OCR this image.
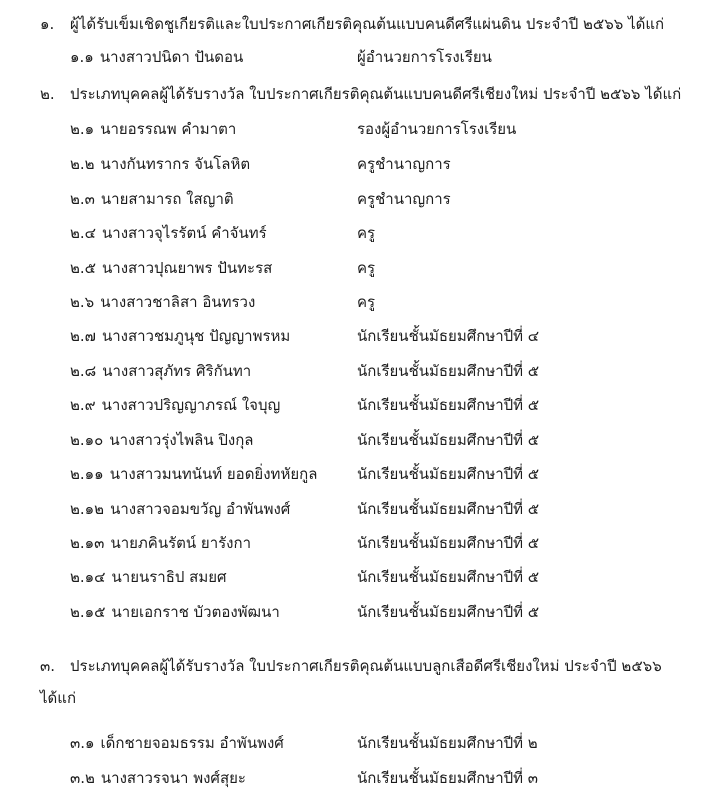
๑. ผู้ได้รับเข็มเชิดชูเกียรติและใบประกาศเกียรติคุณต้นแบบคนดีศรีแผ่นดิน ประจำปี ๒๕๖๖ ได้แก่
๑.๑ นางสาวปนิดา ปันดอน	ผู้อำนวยการโรงเรียน
๒. ประเภทบุคคลผู้ได้รับรางวัล ใบประกาศเกียรติคุณต้นแบบคนดีศรีเชียงใหม่ ประจำปี ๒๕๖๖ ได้แก่
๒.๑ นายอรรณพ คำมาตา	รองผู้อำนวยการโรงเรียน
๒.๒ นางกันทรากร จันโลหิต	ครูชำนาญการ
๒.๓ นายสามารถ ใสญาติ	ครูชำนาญการ
๒.๔ นางสาวจุไรรัตน์ คำจันทร์	ครู
๒.๕ นางสาวปุณยาพร ปันทะรส	ครู
๒.๖ นางสาวชาลิสา อินทรวง	ครู
๒.๗ นางสาวชมภูนุช ปัญญาพรหม	นักเรียนชั้นมัธยมศึกษาปีที่ ๔
๒.๘ นางสาวสุภัทร ศิริกันทา	นักเรียนชั้นมัธยมศึกษาปีที่ ๕
๒.๙ นางสาวปริญญาภรณ์ ใจบุญ	นักเรียนชั้นมัธยมศึกษาปีที่ ๕
๒.๑๐ นางสาวรุ่งไพลิน ปิงกุล	นักเรียนชั้นมัธยมศึกษาปีที่ ๕
๒.๑๑ นางสาวมนทนันท์ ยอดยิ่งทหัยกูล	นักเรียนชั้นมัธยมศึกษาปีที่ ๕
๒.๑๒ นางสาวจอมขวัญ อำพันพงศ์	นักเรียนชั้นมัธยมศึกษาปีที่ ๕
๒.๑๓ นายภคินรัตน์ ยารังกา	นักเรียนชั้นมัธยมศึกษาปีที่ ๕
๒.๑๔ นายนราธิป สมยศ	นักเรียนชั้นมัธยมศึกษาปีที่ ๕
๒.๑๕ นายเอกราช บัวตองพัฒนา	นักเรียนชั้นมัธยมศึกษาปีที่ ๕
๓. ประเภทบุคคลผู้ได้รับรางวัล ใบประกาศเกียรติคุณต้นแบบลูกเสือดีศรีเชียงใหม่ ประจำปี ๒๕๖๖
ได้แก่
๓.๑ เด็กชายจอมธรรม อำพันพงศ์	นักเรียนชั้นมัธยมศึกษาปีที่ ๒
๓.๒ นางสาวรจนา พงศ์สุยะ	นักเรียนชั้นมัธยมศึกษาปีที่ ๓
